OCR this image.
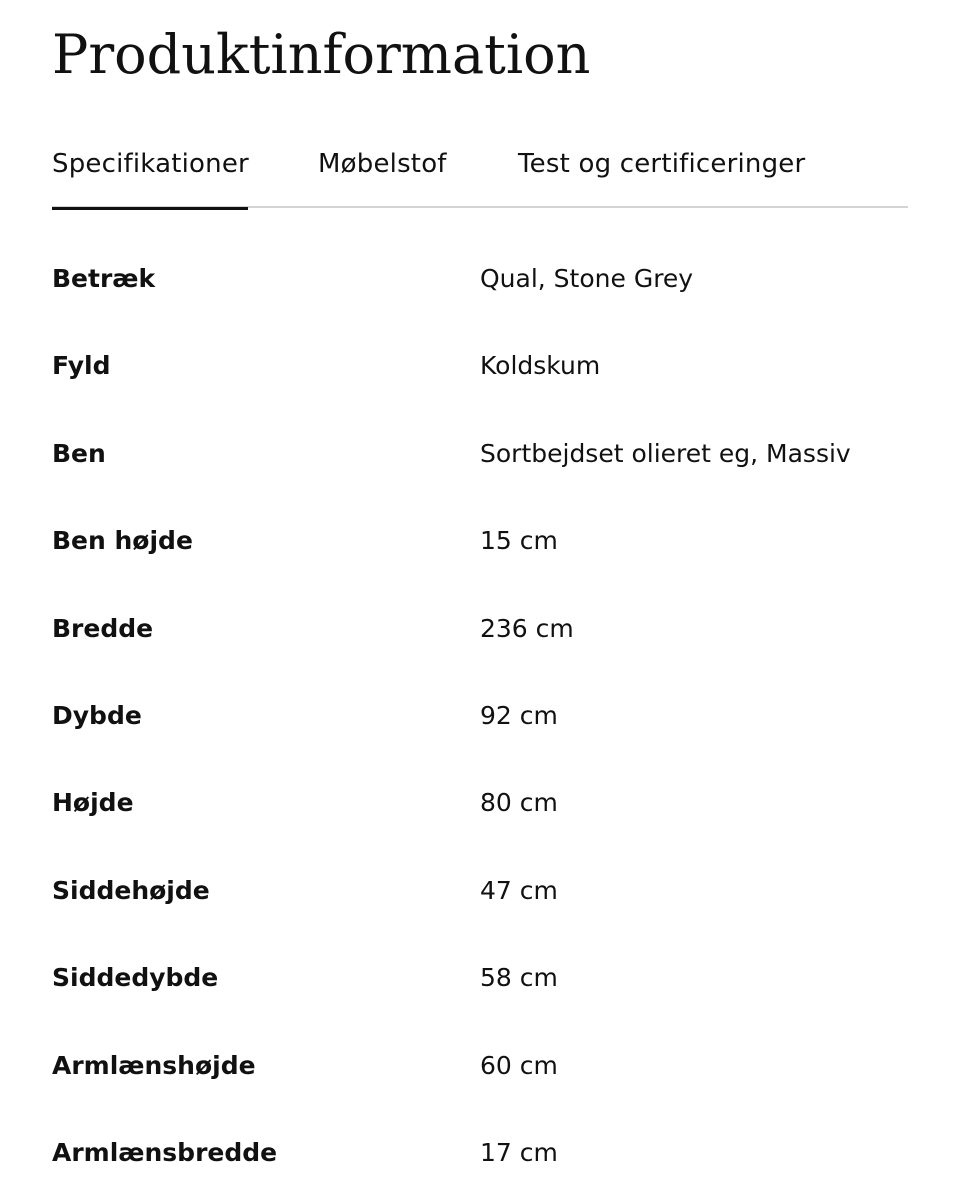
Produktinformation
Specifikationer	Møbelstof	Test og certificeringer
Betræk	Qual, Stone Grey
Fyld	Koldskum
Ben	Sortbejdset olieret eg, Massiv
Ben højde	15 cm
Bredde	236 cm
Dybde	92 cm
Højde	80 cm
Siddehøjde	47 cm
Siddedybde	58 cm
Armlænshøjde	60 cm
Armlænsbredde	17 cm
